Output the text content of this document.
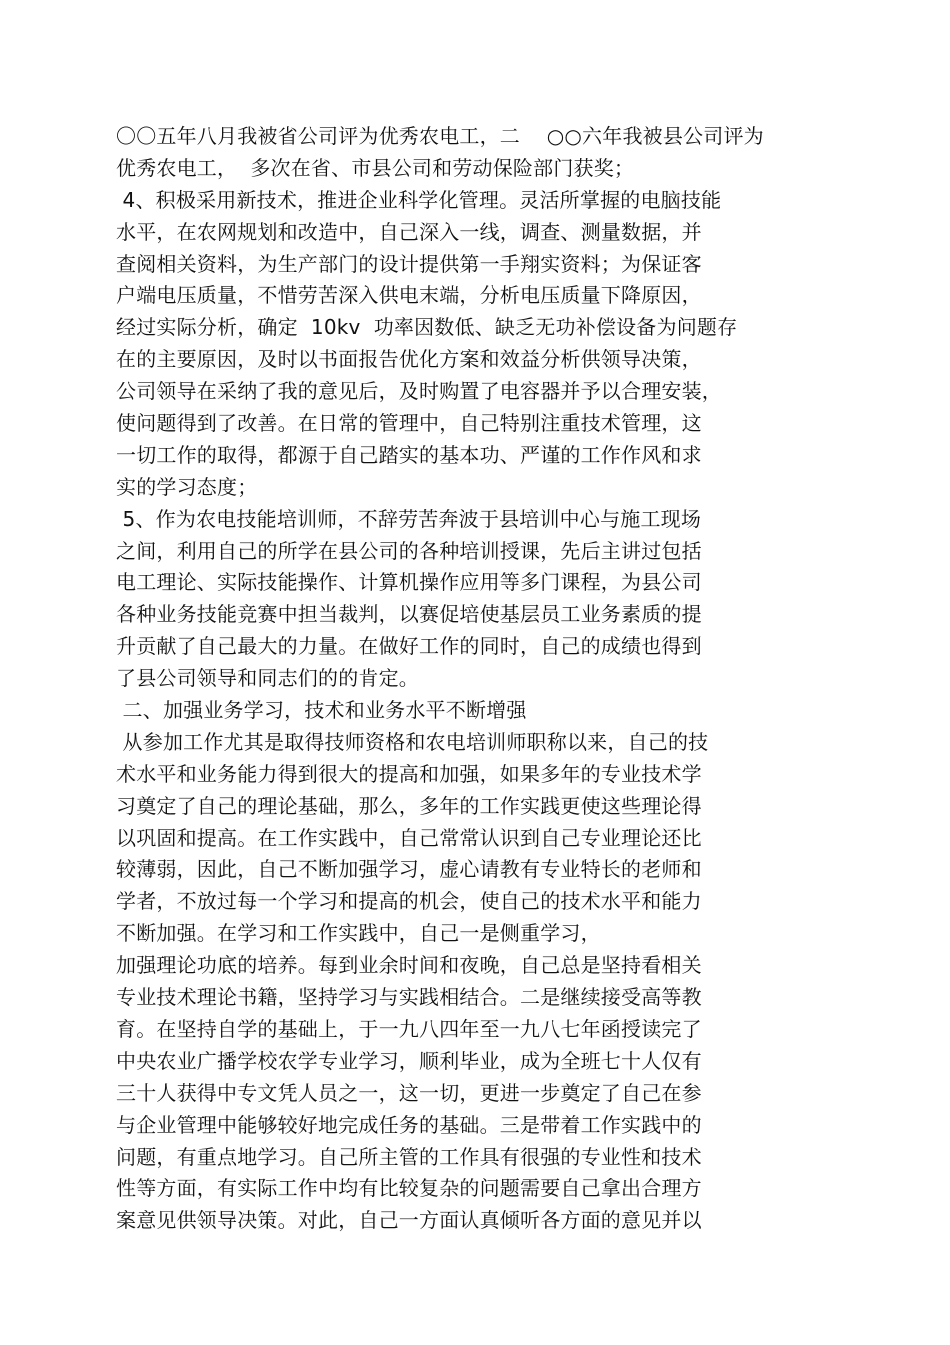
〇〇五年八月我被省公司评为优秀农电工，二 　○○六年我被县公司评为
优秀农电工，  多次在省、市县公司和劳动保险部门获奖；
4、积极采用新技术，推进企业科学化管理。灵活所掌握的电脑技能
水平，在农网规划和改造中，自己深入一线，调查、测量数据，并
查阅相关资料，为生产部门的设计提供第一手翔实资料；为保证客
户端电压质量，不惜劳苦深入供电末端，分析电压质量下降原因，
经过实际分析，确定  10kv  功率因数低、缺乏无功补偿设备为问题存
在的主要原因，及时以书面报告优化方案和效益分析供领导决策，
公司领导在采纳了我的意见后，及时购置了电容器并予以合理安装，
使问题得到了改善。在日常的管理中，自己特别注重技术管理，这
一切工作的取得，都源于自己踏实的基本功、严谨的工作作风和求
实的学习态度；
5、作为农电技能培训师，不辞劳苦奔波于县培训中心与施工现场
之间，利用自己的所学在县公司的各种培训授课，先后主讲过包括
电工理论、实际技能操作、计算机操作应用等多门课程，为县公司
各种业务技能竞赛中担当裁判，以赛促培使基层员工业务素质的提
升贡献了自己最大的力量。在做好工作的同时，自己的成绩也得到
了县公司领导和同志们的的肯定。
二、加强业务学习，技术和业务水平不断增强
从参加工作尤其是取得技师资格和农电培训师职称以来，自己的技
术水平和业务能力得到很大的提高和加强，如果多年的专业技术学
习奠定了自己的理论基础，那么，多年的工作实践更使这些理论得
以巩固和提高。在工作实践中，自己常常认识到自己专业理论还比
较薄弱，因此，自己不断加强学习，虚心请教有专业特长的老师和
学者，不放过每一个学习和提高的机会，使自己的技术水平和能力
不断加强。在学习和工作实践中，自己一是侧重学习，
加强理论功底的培养。每到业余时间和夜晚，自己总是坚持看相关
专业技术理论书籍，坚持学习与实践相结合。二是继续接受高等教
育。在坚持自学的基础上，于一九八四年至一九八七年函授读完了
中央农业广播学校农学专业学习，顺利毕业，成为全班七十人仅有
三十人获得中专文凭人员之一，这一切，更进一步奠定了自己在参
与企业管理中能够较好地完成任务的基础。三是带着工作实践中的
问题，有重点地学习。自己所主管的工作具有很强的专业性和技术
性等方面，有实际工作中均有比较复杂的问题需要自己拿出合理方
案意见供领导决策。对此，自己一方面认真倾听各方面的意见并以
